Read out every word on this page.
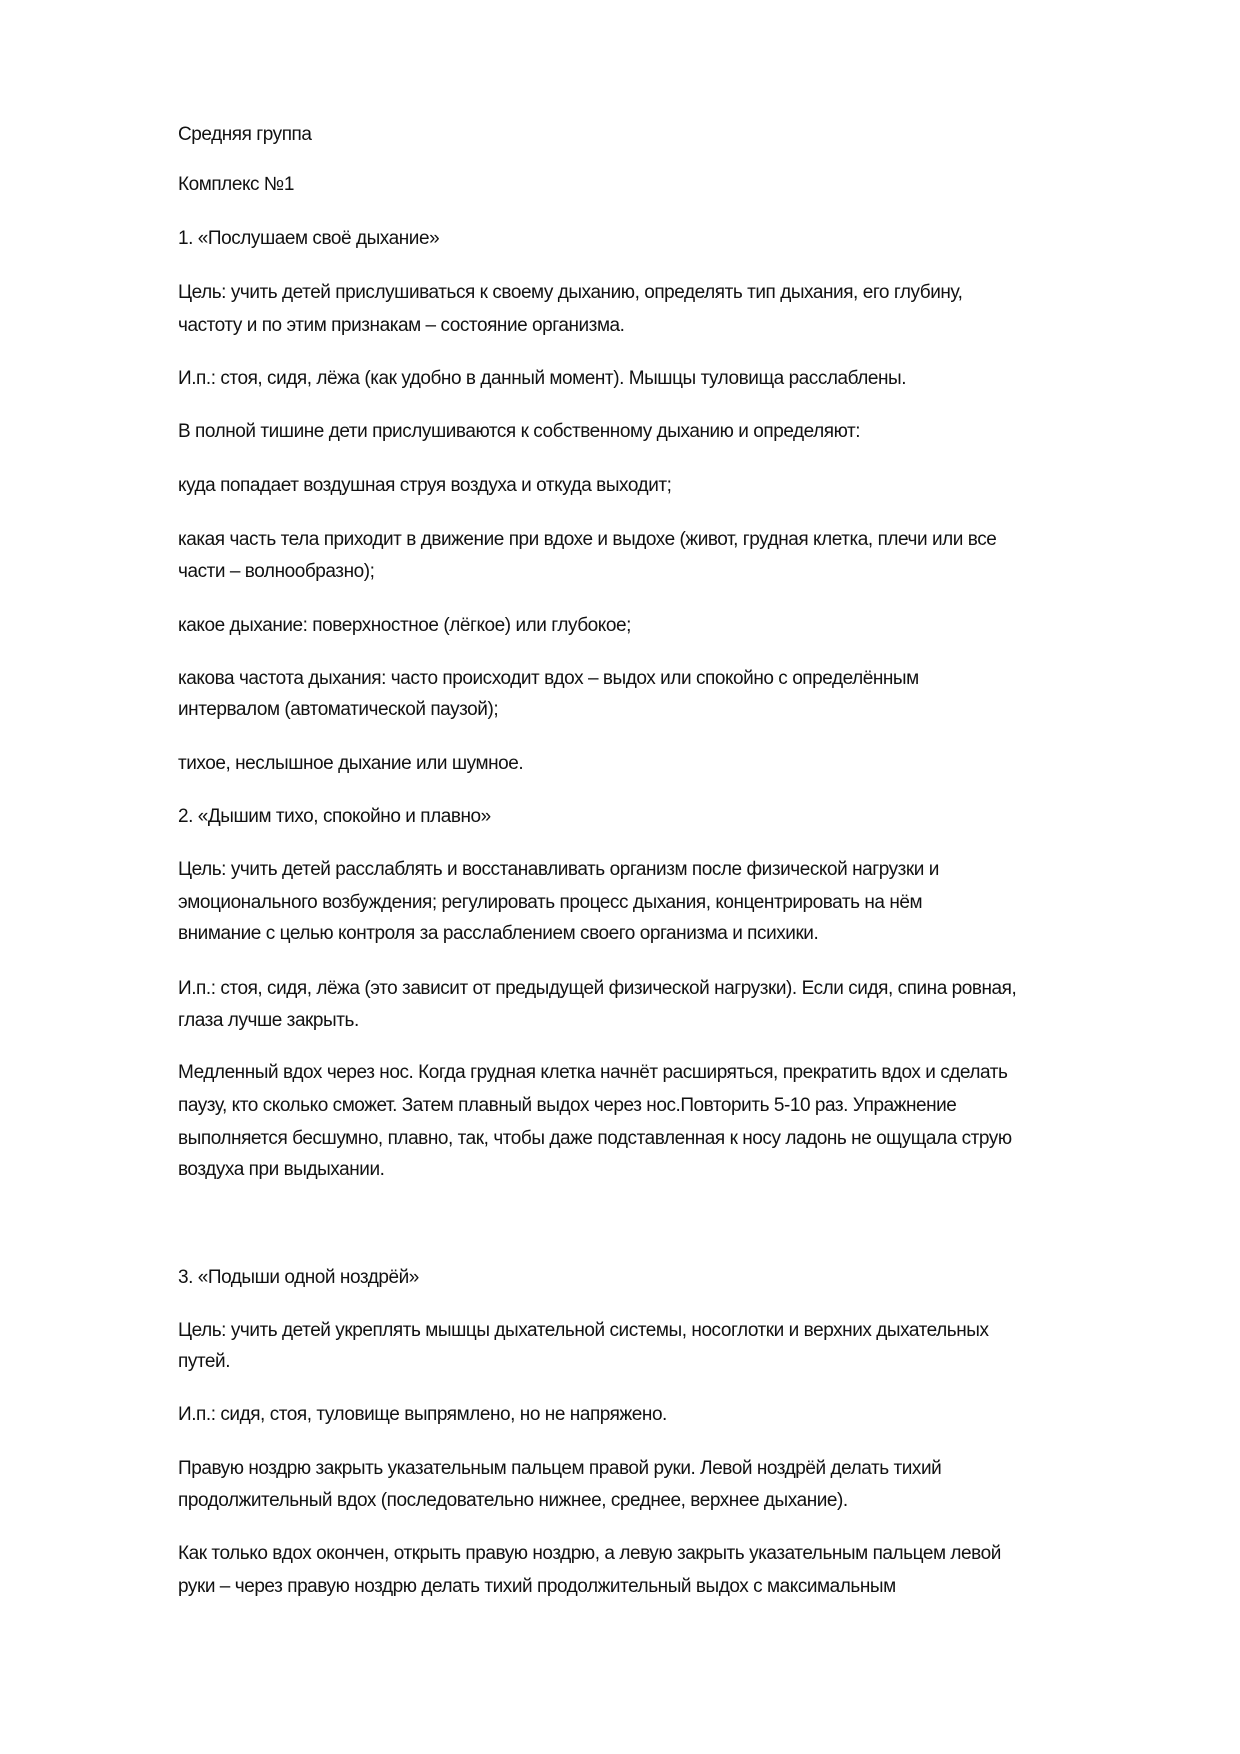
Средняя группа
Комплекс №1
1. «Послушаем своё дыхание»
Цель: учить детей прислушиваться к своему дыханию, определять тип дыхания, его глубину,
частоту и по этим признакам – состояние организма.
И.п.: стоя, сидя, лёжа (как удобно в данный момент). Мышцы туловища расслаблены.
В полной тишине дети прислушиваются к собственному дыханию и определяют:
куда попадает воздушная струя воздуха и откуда выходит;
какая часть тела приходит в движение при вдохе и выдохе (живот, грудная клетка, плечи или все
части – волнообразно);
какое дыхание: поверхностное (лёгкое) или глубокое;
какова частота дыхания: часто происходит вдох – выдох или спокойно с определённым
интервалом (автоматической паузой);
тихое, неслышное дыхание или шумное.
2. «Дышим тихо, спокойно и плавно»
Цель: учить детей расслаблять и восстанавливать организм после физической нагрузки и
эмоционального возбуждения; регулировать процесс дыхания, концентрировать на нём
внимание с целью контроля за расслаблением своего организма и психики.
И.п.: стоя, сидя, лёжа (это зависит от предыдущей физической нагрузки). Если сидя, спина ровная,
глаза лучше закрыть.
Медленный вдох через нос. Когда грудная клетка начнёт расширяться, прекратить вдох и сделать
паузу, кто сколько сможет. Затем плавный выдох через нос.Повторить 5-10 раз. Упражнение
выполняется бесшумно, плавно, так, чтобы даже подставленная к носу ладонь не ощущала струю
воздуха при выдыхании.
3. «Подыши одной ноздрёй»
Цель: учить детей укреплять мышцы дыхательной системы, носоглотки и верхних дыхательных
путей.
И.п.: сидя, стоя, туловище выпрямлено, но не напряжено.
Правую ноздрю закрыть указательным пальцем правой руки. Левой ноздрёй делать тихий
продолжительный вдох (последовательно нижнее, среднее, верхнее дыхание).
Как только вдох окончен, открыть правую ноздрю, а левую закрыть указательным пальцем левой
руки – через правую ноздрю делать тихий продолжительный выдох с максимальным
